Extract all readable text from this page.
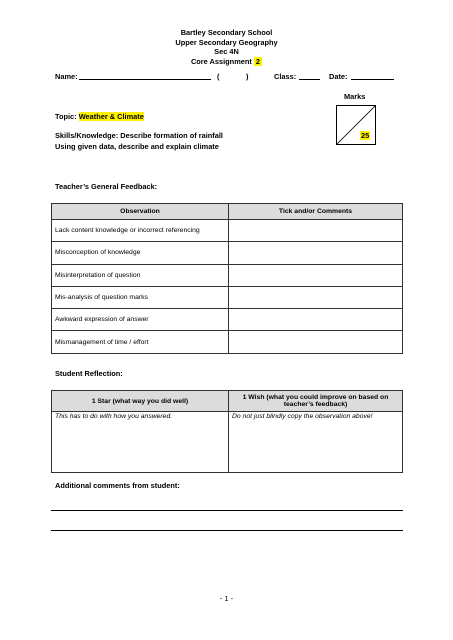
Bartley Secondary School
Upper Secondary Geography
Sec 4N
Core Assignment 2
Name:	(	)	Class:	Date:
Marks
25
Topic: Weather & Climate
Skills/Knowledge: Describe formation of rainfall
Using given data, describe and explain climate
Teacher’s General Feedback:
Observation	Tick and/or Comments
Lack content knowledge or incorrect referencing	
Misconception of knowledge	
Misinterpretation of question	
Mis-analysis of question marks	
Awkward expression of answer	
Mismanagement of time / effort	
Student Reflection:
1 Star (what way you did well)	1 Wish (what you could improve on based on teacher’s feedback)
This has to do with how you answered.	Do not just blindly copy the observation above!
Additional comments from student:
- 1 -
